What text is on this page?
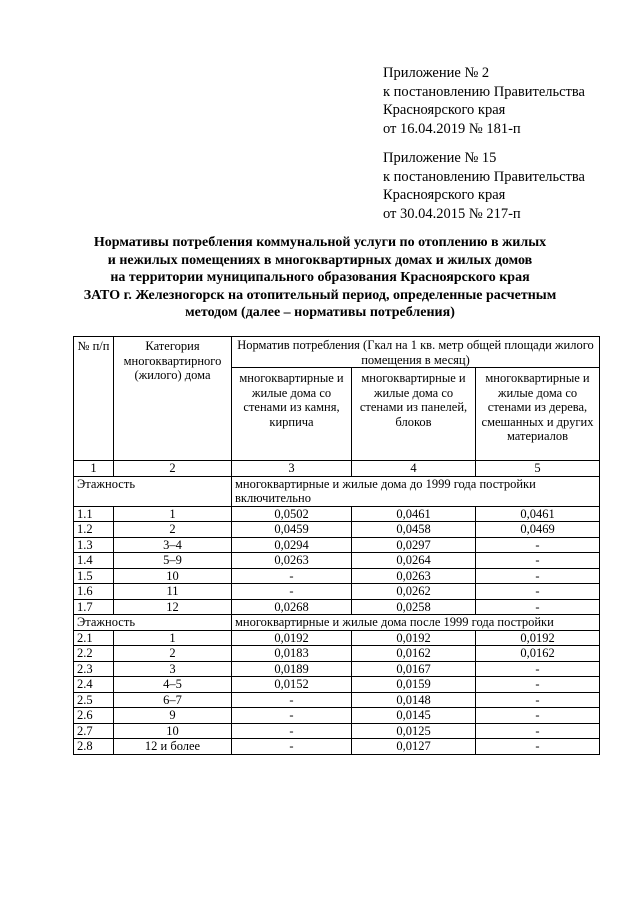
Приложение № 2
к постановлению Правительства
Красноярского края
от 16.04.2019 № 181-п
Приложение № 15
к постановлению Правительства
Красноярского края
от 30.04.2015 № 217-п
Нормативы потребления коммунальной услуги по отоплению в жилых
и нежилых помещениях в многоквартирных домах и жилых домов
на территории муниципального образования Красноярского края
ЗАТО г. Железногорск на отопительный период, определенные расчетным
методом (далее – нормативы потребления)
№ п/п	Категория многоквартирного (жилого) дома	Норматив потребления (Гкал на 1 кв. метр общей площади жилого помещения в месяц)		
		многоквартирные и жилые дома со стенами из камня, кирпича	многоквартирные и жилые дома со стенами из панелей, блоков	многоквартирные и жилые дома со стенами из дерева, смешанных и других материалов
1	2	3	4	5
Этажность		многоквартирные и жилые дома до 1999 года постройки включительно		
1.1	1	0,0502	0,0461	0,0461
1.2	2	0,0459	0,0458	0,0469
1.3	3–4	0,0294	0,0297	-
1.4	5–9	0,0263	0,0264	-
1.5	10	-	0,0263	-
1.6	11	-	0,0262	-
1.7	12	0,0268	0,0258	-
Этажность		многоквартирные и жилые дома после 1999 года постройки		
2.1	1	0,0192	0,0192	0,0192
2.2	2	0,0183	0,0162	0,0162
2.3	3	0,0189	0,0167	-
2.4	4–5	0,0152	0,0159	-
2.5	6–7	-	0,0148	-
2.6	9	-	0,0145	-
2.7	10	-	0,0125	-
2.8	12 и более	-	0,0127	-
